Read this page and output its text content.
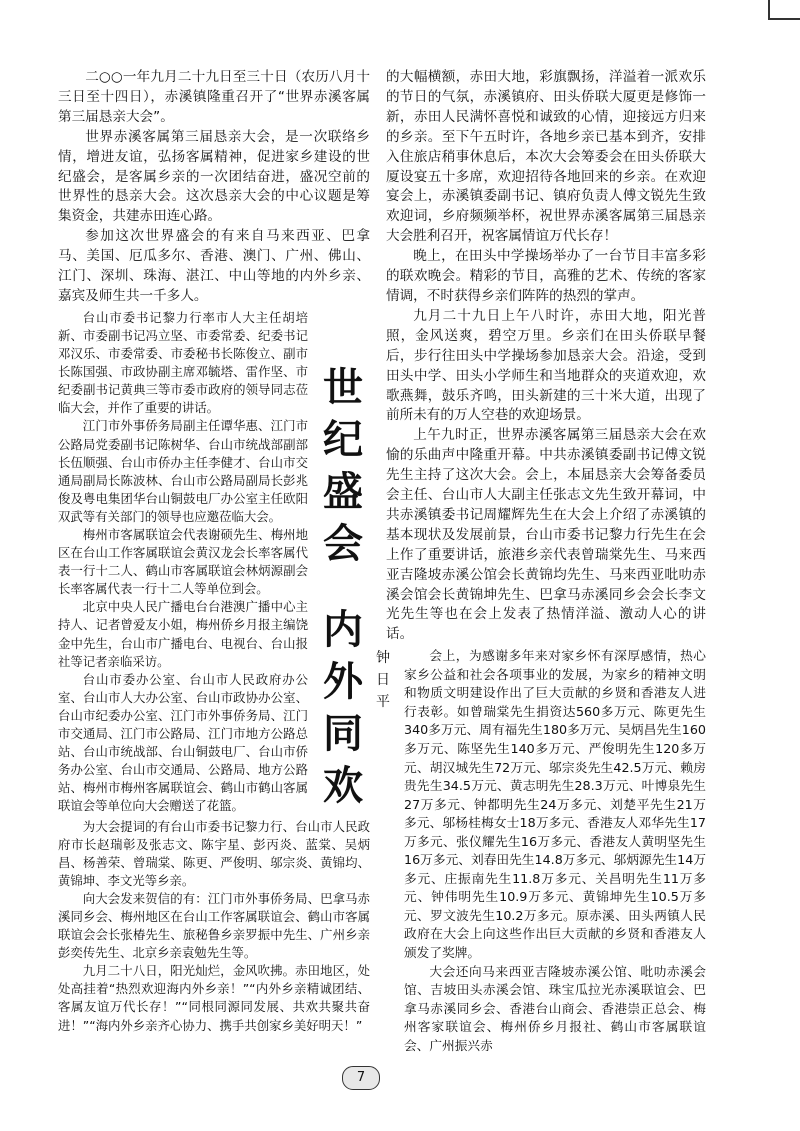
二○○一年九月二十九日至三十日（农历八月十三日至十四日），赤溪镇隆重召开了“世界赤溪客属第三届恳亲大会”。

世界赤溪客属第三届恳亲大会，是一次联络乡情，增进友谊，弘扬客属精神，促进家乡建设的世纪盛会，是客属乡亲的一次团结奋进，盛况空前的世界性的恳亲大会。这次恳亲大会的中心议题是筹集资金，共建赤田连心路。

参加这次世界盛会的有来自马来西亚、巴拿马、美国、厄瓜多尔、香港、澳门、广州、佛山、江门、深圳、珠海、湛江、中山等地的内外乡亲、嘉宾及师生共一千多人。

台山市委书记黎力行率市人大主任胡培新、市委副书记冯立坚、市委常委、纪委书记邓汉乐、市委常委、市委秘书长陈俊立、副市长陈国强、市政协副主席邓毓塔、雷作坚、市纪委副书记黄典三等市委市政府的领导同志莅临大会，并作了重要的讲话。

江门市外事侨务局副主任谭华惠、江门市公路局党委副书记陈树华、台山市统战部副部长伍顺强、台山市侨办主任李健才、台山市交通局副局长陈波林、台山市公路局副局长彭兆俊及粤电集团华台山铜鼓电厂办公室主任欧阳双武等有关部门的领导也应邀莅临大会。

梅州市客属联谊会代表谢硕先生、梅州地区在台山工作客属联谊会黄汉龙会长率客属代表一行十二人、鹤山市客属联谊会林炳源副会长率客属代表一行十二人等单位到会。

北京中央人民广播电台台港澳广播中心主持人、记者曾爱友小姐，梅州侨乡月报主编饶金中先生，台山市广播电台、电视台、台山报社等记者亲临采访。

台山市委办公室、台山市人民政府办公室、台山市人大办公室、台山市政协办公室、台山市纪委办公室、江门市外事侨务局、江门市交通局、江门市公路局、江门市地方公路总站、台山市统战部、台山铜鼓电厂、台山市侨务办公室、台山市交通局、公路局、地方公路站、梅州市梅州客属联谊会、鹤山市鹤山客属联谊会等单位向大会赠送了花篮。

为大会提词的有台山市委书记黎力行、台山市人民政府市长赵瑞彰及张志文、陈宇星、彭丙炎、蓝棠、吴炳昌、杨善荣、曾瑞棠、陈更、严俊明、邬宗炎、黄锦均、黄锦坤、李文光等乡亲。

向大会发来贺信的有：江门市外事侨务局、巴拿马赤溪同乡会、梅州地区在台山工作客属联谊会、鹤山市客属联谊会会长张椿先生、旅秘鲁乡亲罗振中先生、广州乡亲彭奕传先生、北京乡亲袁勉先生等。

九月二十八日，阳光灿烂，金风吹拂。赤田地区，处处高挂着“热烈欢迎海内外乡亲！”“内外乡亲精诚团结、客属友谊万代长存！”“同根同源同发展、共欢共聚共奋进！”“海内外乡亲齐心协力、携手共创家乡美好明天！”

世
纪
盛
会
内
外
同
欢
钟
日
平

的大幅横额，赤田大地，彩旗飘扬，洋溢着一派欢乐的节日的气氛，赤溪镇府、田头侨联大厦更是修饰一新，赤田人民满怀喜悦和诚致的心情，迎接远方归来的乡亲。至下午五时许，各地乡亲已基本到齐，安排入住旅店稍事休息后，本次大会筹委会在田头侨联大厦设宴五十多席，欢迎招待各地回来的乡亲。在欢迎宴会上，赤溪镇委副书记、镇府负责人傅文锐先生致欢迎词，乡府频频举杯，祝世界赤溪客属第三届恳亲大会胜利召开，祝客属情谊万代长存！

晚上，在田头中学操场举办了一台节目丰富多彩的联欢晚会。精彩的节目，高雅的艺术、传统的客家情调，不时获得乡亲们阵阵的热烈的掌声。

九月二十九日上午八时许，赤田大地，阳光普照，金风送爽，碧空万里。乡亲们在田头侨联早餐后，步行往田头中学操场参加恳亲大会。沿途，受到田头中学、田头小学师生和当地群众的夹道欢迎，欢歌燕舞，鼓乐齐鸣，田头新建的三十米大道，出现了前所未有的万人空巷的欢迎场景。

上午九时正，世界赤溪客属第三届恳亲大会在欢愉的乐曲声中隆重开幕。中共赤溪镇委副书记傅文锐先生主持了这次大会。会上，本届恳亲大会筹备委员会主任、台山市人大副主任张志文先生致开幕词，中共赤溪镇委书记周耀辉先生在大会上介绍了赤溪镇的基本现状及发展前景，台山市委书记黎力行先生在会上作了重要讲话，旅港乡亲代表曾瑞棠先生、马来西亚吉隆坡赤溪公馆会长黄锦均先生、马来西亚吡叻赤溪会馆会长黄锦坤先生、巴拿马赤溪同乡会会长李文光先生等也在会上发表了热情洋溢、激动人心的讲话。

会上，为感谢多年来对家乡怀有深厚感情，热心家乡公益和社会各项事业的发展，为家乡的精神文明和物质文明建设作出了巨大贡献的乡贤和香港友人进行表彰。如曾瑞棠先生捐资达560多万元、陈更先生340多万元、周有福先生180多万元、吴炳昌先生160多万元、陈坚先生140多万元、严俊明先生120多万元、胡汉城先生72万元、邬宗炎先生42.5万元、赖房贵先生34.5万元、黄志明先生28.3万元、叶博泉先生27万多元、钟都明先生24万多元、刘楚平先生21万多元、邬杨桂梅女士18万多元、香港友人邓华先生17万多元、张仪耀先生16万多元、香港友人黄明坚先生16万多元、刘春田先生14.8万多元、邬炳源先生14万多元、庄振南先生11.8万多元、关昌明先生11万多元、钟伟明先生10.9万多元、黄锦坤先生10.5万多元、罗文波先生10.2万多元。原赤溪、田头两镇人民政府在大会上向这些作出巨大贡献的乡贤和香港友人颁发了奖牌。

大会还向马来西亚吉隆坡赤溪公馆、吡叻赤溪会馆、吉坡田头赤溪会馆、珠宝瓜拉光赤溪联谊会、巴拿马赤溪同乡会、香港台山商会、香港崇正总会、梅州客家联谊会、梅州侨乡月报社、鹤山市客属联谊会、广州振兴赤

7
